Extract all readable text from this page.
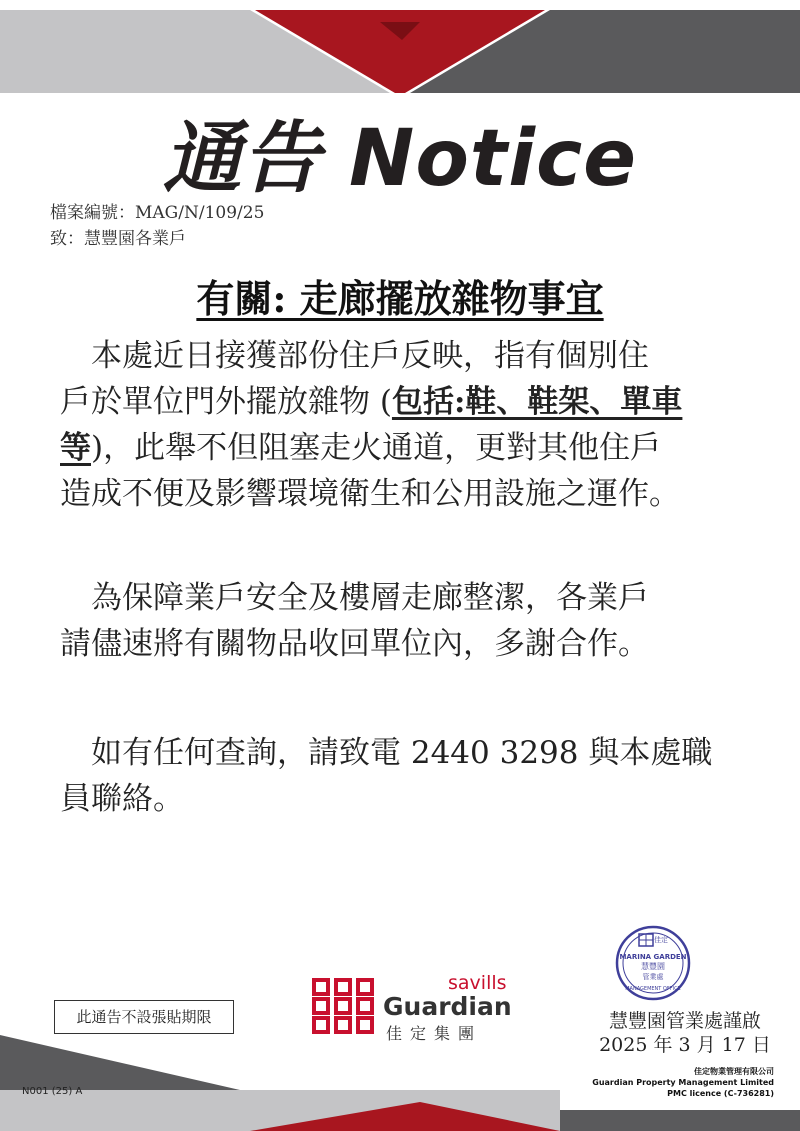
通告 Notice
檔案編號：MAG/N/109/25
致：慧豐園各業戶
有關: 走廊擺放雜物事宜
　本處近日接獲部份住戶反映，指有個別住
戶於單位門外擺放雜物 (包括:鞋、鞋架、單車
等)，此舉不但阻塞走火通道，更對其他住戶
造成不便及影響環境衛生和公用設施之運作。
　為保障業戶安全及樓層走廊整潔，各業戶
請儘速將有關物品收回單位內，多謝合作。
　如有任何查詢，請致電 2440 3298 與本處職
員聯絡。
此通告不設張貼期限
savills
Guardian
佳定集團
佳定
MARINA GARDEN
慧豐園
管業處
MANAGEMENT OFFICE
慧豐園管業處謹啟
2025 年 3 月 17 日
佳定物業管理有限公司
Guardian Property Management Limited
PMC licence (C-736281)
N001 (25) A
